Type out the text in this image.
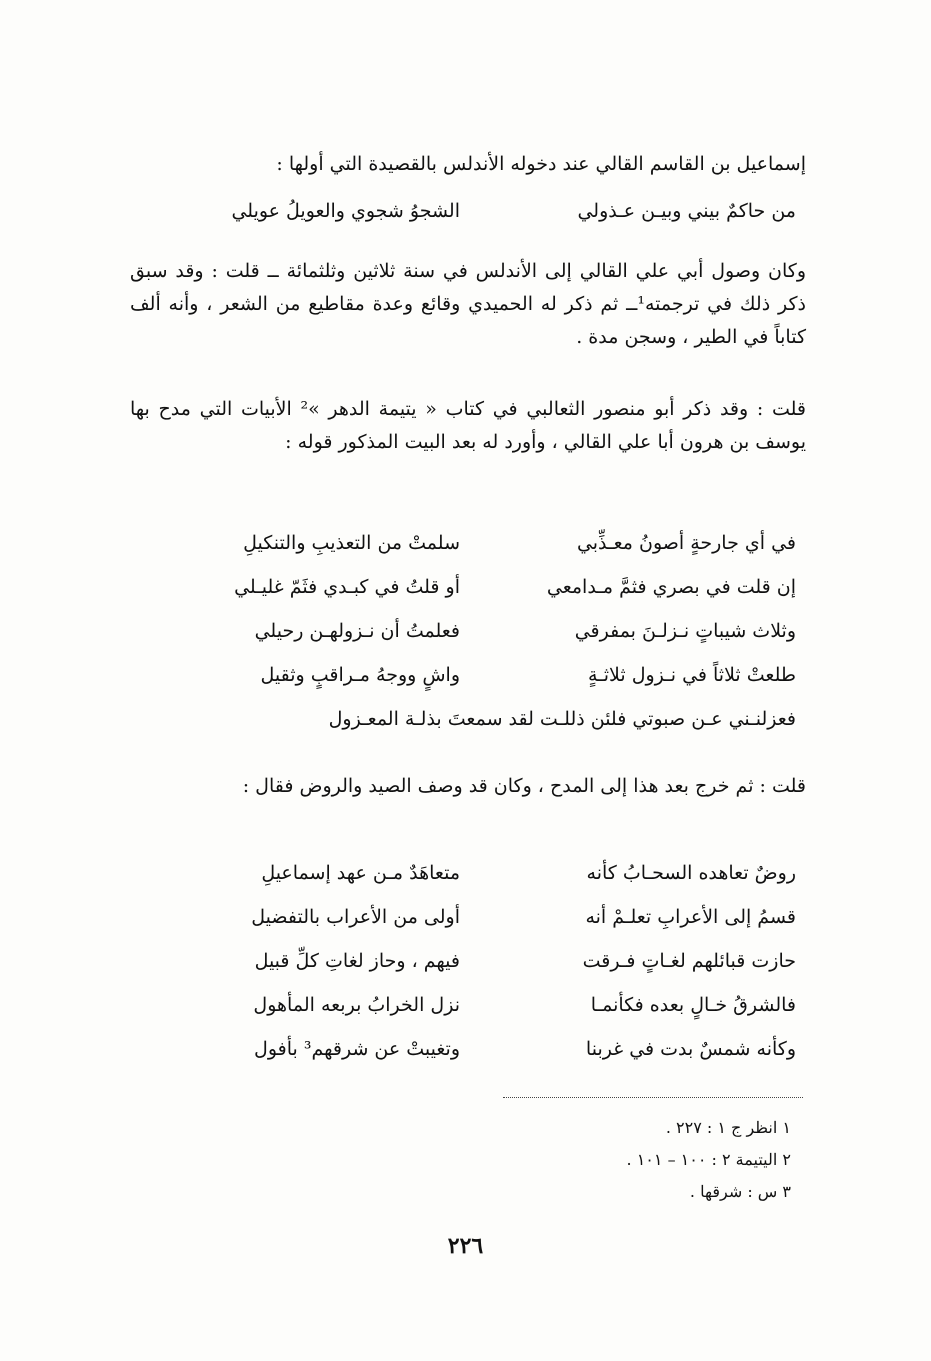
إسماعيل بن القاسم القالي عند دخوله الأندلس بالقصيدة التي أولها :
من حاكمٌ بيني وبيـن عـذولي
الشجوُ شجوي والعويلُ عويلي
وكان وصول أبي علي القالي إلى الأندلس في سنة ثلاثين وثلثمائة ــ قلت : وقد سبق ذكر ذلك في ترجمته¹ــ ثم ذكر له الحميدي وقائع وعدة مقاطيع من الشعر ، وأنه ألف كتاباً في الطير ، وسجن مدة .
قلت : وقد ذكر أبو منصور الثعالبي في كتاب « يتيمة الدهر »² الأبيات التي مدح بها يوسف بن هرون أبا علي القالي ، وأورد له بعد البيت المذكور قوله :
في أي جارحةٍ أصونُ معـذِّبي
سلمتْ من التعذيبِ والتنكيلِ
إن قلت في بصري فثمَّ مـدامعي
أو قلتُ في كبـدي فثَمّ غليـلي
وثلاث شيباتٍ نـزلـنَ بمفرقي
فعلمتُ أن نـزولهـن رحيلي
طلعتْ ثلاثاً في نـزول ثلاثـةٍ
واشٍ ووجهُ مـراقبٍ وثقيل
فعزلنـني عـن صبوتي فلئن ذللـت لقد سمعتَ بذلـة المعـزول
قلت : ثم خرج بعد هذا إلى المدح ، وكان قد وصف الصيد والروض فقال :
روضٌ تعاهده السحـابُ كأنه
متعاهَدٌ مـن عهد إسماعيلِ
قسمُ إلى الأعرابِ تعلـمْ أنه
أولى من الأعراب بالتفضيل
حازت قبائلهم لغـاتٍ فـرقت
فيهم ، وحاز لغاتِ كلِّ قبيل
فالشرقُ خـالٍ بعده فكأنمـا
نزل الخرابُ بربعه المأهول
وكأنه شمسٌ بدت في غربنا
وتغيبتْ عن شرقهم³ بأفول
١ انظر ج ١ : ٢٢٧ .
٢ اليتيمة ٢ : ١٠٠ – ١٠١ .
٣ س : شرقها .
٢٢٦
